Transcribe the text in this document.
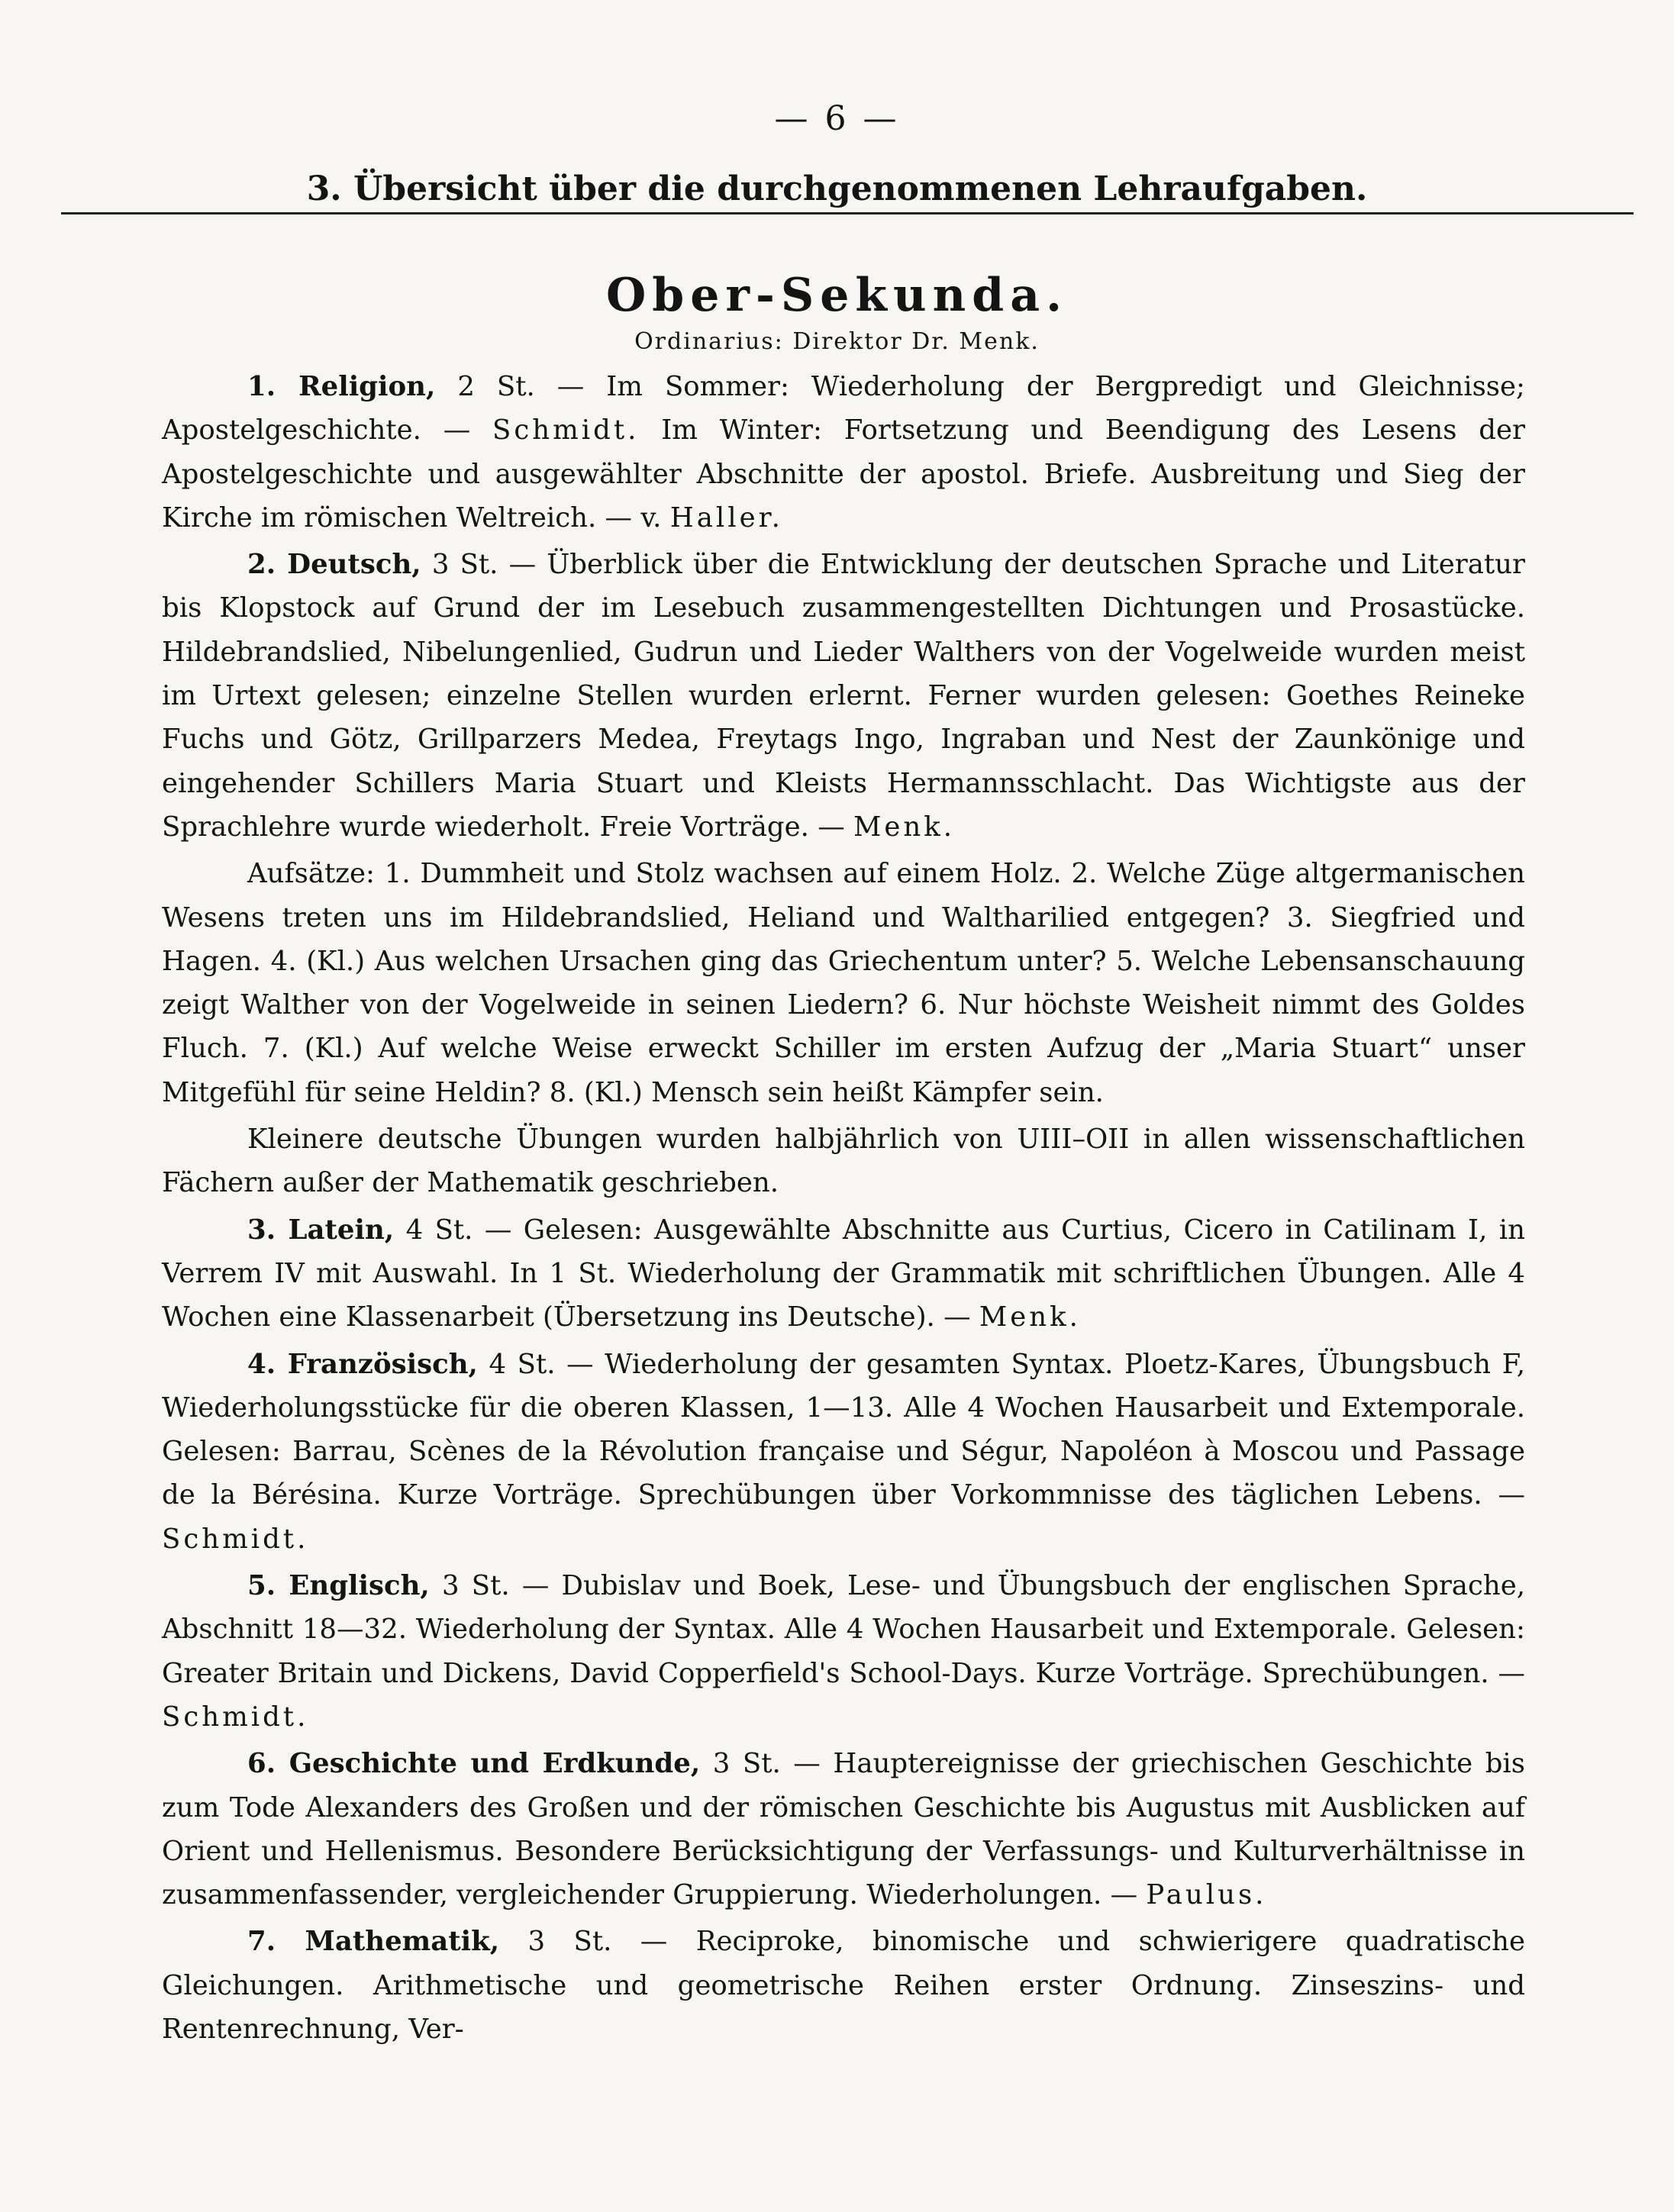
— 6 —
3. Übersicht über die durchgenommenen Lehraufgaben.
Ober-Sekunda.
Ordinarius: Direktor Dr. Menk.

1. Religion, 2 St. — Im Sommer: Wiederholung der Bergpredigt und Gleichnisse; Apostelgeschichte. — Schmidt. Im Winter: Fortsetzung und Beendigung des Lesens der Apostelgeschichte und ausgewählter Abschnitte der apostol. Briefe. Ausbreitung und Sieg der Kirche im römischen Weltreich. — v. Haller.

2. Deutsch, 3 St. — Überblick über die Entwicklung der deutschen Sprache und Literatur bis Klopstock auf Grund der im Lesebuch zusammengestellten Dichtungen und Prosastücke. Hildebrandslied, Nibelungenlied, Gudrun und Lieder Walthers von der Vogelweide wurden meist im Urtext gelesen; einzelne Stellen wurden erlernt. Ferner wurden gelesen: Goethes Reineke Fuchs und Götz, Grillparzers Medea, Freytags Ingo, Ingraban und Nest der Zaunkönige und eingehender Schillers Maria Stuart und Kleists Hermannsschlacht. Das Wichtigste aus der Sprachlehre wurde wiederholt. Freie Vorträge. — Menk.

Aufsätze: 1. Dummheit und Stolz wachsen auf einem Holz. 2. Welche Züge altgermanischen Wesens treten uns im Hildebrandslied, Heliand und Waltharilied entgegen? 3. Siegfried und Hagen. 4. (Kl.) Aus welchen Ursachen ging das Griechentum unter? 5. Welche Lebensanschauung zeigt Walther von der Vogelweide in seinen Liedern? 6. Nur höchste Weisheit nimmt des Goldes Fluch. 7. (Kl.) Auf welche Weise erweckt Schiller im ersten Aufzug der „Maria Stuart“ unser Mitgefühl für seine Heldin? 8. (Kl.) Mensch sein heißt Kämpfer sein.

Kleinere deutsche Übungen wurden halbjährlich von UIII–OII in allen wissenschaftlichen Fächern außer der Mathematik geschrieben.

3. Latein, 4 St. — Gelesen: Ausgewählte Abschnitte aus Curtius, Cicero in Catilinam I, in Verrem IV mit Auswahl. In 1 St. Wiederholung der Grammatik mit schriftlichen Übungen. Alle 4 Wochen eine Klassenarbeit (Übersetzung ins Deutsche). — Menk.

4. Französisch, 4 St. — Wiederholung der gesamten Syntax. Ploetz-Kares, Übungsbuch F, Wiederholungsstücke für die oberen Klassen, 1—13. Alle 4 Wochen Hausarbeit und Extemporale. Gelesen: Barrau, Scènes de la Révolution française und Ségur, Napoléon à Moscou und Passage de la Bérésina. Kurze Vorträge. Sprechübungen über Vorkommnisse des täglichen Lebens. — Schmidt.

5. Englisch, 3 St. — Dubislav und Boek, Lese- und Übungsbuch der englischen Sprache, Abschnitt 18—32. Wiederholung der Syntax. Alle 4 Wochen Hausarbeit und Extemporale. Gelesen: Greater Britain und Dickens, David Copperfield's School-Days. Kurze Vorträge. Sprechübungen. — Schmidt.

6. Geschichte und Erdkunde, 3 St. — Hauptereignisse der griechischen Geschichte bis zum Tode Alexanders des Großen und der römischen Geschichte bis Augustus mit Ausblicken auf Orient und Hellenismus. Besondere Berücksichtigung der Verfassungs- und Kulturverhältnisse in zusammenfassender, vergleichender Gruppierung. Wiederholungen. — Paulus.

7. Mathematik, 3 St. — Reciproke, binomische und schwierigere quadratische Gleichungen. Arithmetische und geometrische Reihen erster Ordnung. Zinseszins- und Rentenrechnung, Ver-
